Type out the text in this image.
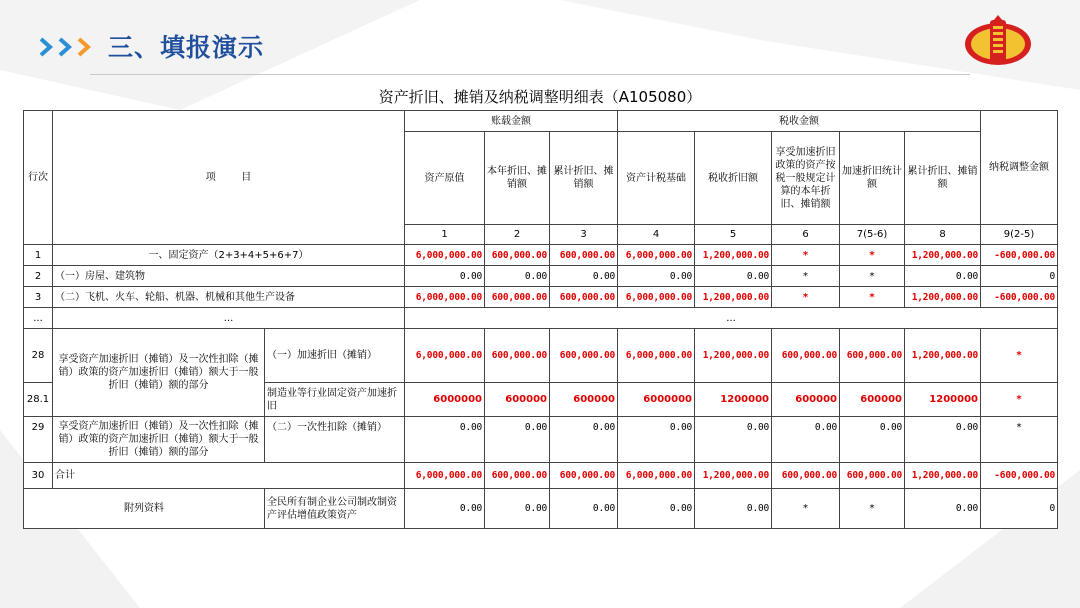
三、填报演示
资产折旧、摊销及纳税调整明细表（A105080）
行次	项        目		账载金额			税收金额					纳税调整金额
			资产原值	本年折旧、摊销额	累计折旧、摊销额	资产计税基础	税收折旧额	享受加速折旧政策的资产按税一般规定计算的本年折旧、摊销额	加速折旧统计额	累计折旧、摊销额	
			1	2	3	4	5	6	7(5-6)	8	9(2-5)
1	一、固定资产（2+3+4+5+6+7）		6,000,000.00	600,000.00	600,000.00	6,000,000.00	1,200,000.00	*	*	1,200,000.00	-600,000.00
2	（一）房屋、建筑物		0.00	0.00	0.00	0.00	0.00	*	*	0.00	0
3	（二）飞机、火车、轮船、机器、机械和其他生产设备		6,000,000.00	600,000.00	600,000.00	6,000,000.00	1,200,000.00	*	*	1,200,000.00	-600,000.00
...	...		...								
28	享受资产加速折旧（摊销）及一次性扣除（摊销）政策的资产加速折旧（摊销）额大于一般折旧（摊销）额的部分	（一）加速折旧（摊销）	6,000,000.00	600,000.00	600,000.00	6,000,000.00	1,200,000.00	600,000.00	600,000.00	1,200,000.00	*
28.1		制造业等行业固定资产加速折旧	6000000	600000	600000	6000000	1200000	600000	600000	1200000	*
29	享受资产加速折旧（摊销）及一次性扣除（摊销）政策的资产加速折旧（摊销）额大于一般折旧（摊销）额的部分	（二）一次性扣除（摊销）	0.00	0.00	0.00	0.00	0.00	0.00	0.00	0.00	*
30	合计		6,000,000.00	600,000.00	600,000.00	6,000,000.00	1,200,000.00	600,000.00	600,000.00	1,200,000.00	-600,000.00
附列资料		全民所有制企业公司制改制资产评估增值政策资产	0.00	0.00	0.00	0.00	0.00	*	*	0.00	0
